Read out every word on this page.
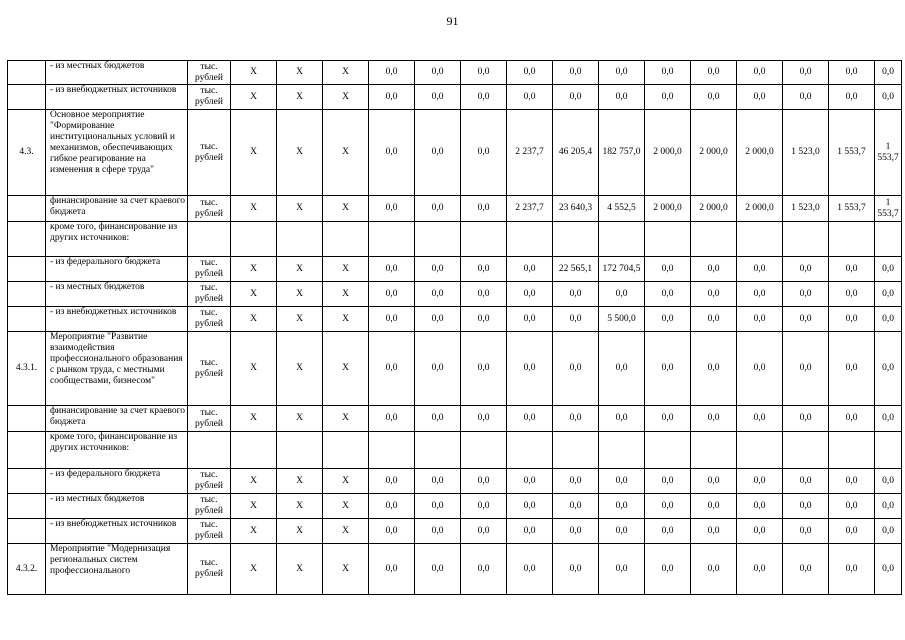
91
	- из местных бюджетов	тыс. рублей	X	X	X	0,0	0,0	0,0	0,0	0,0	0,0	0,0	0,0	0,0	0,0	0,0	0,0
	- из внебюджетных источников	тыс. рублей	X	X	X	0,0	0,0	0,0	0,0	0,0	0,0	0,0	0,0	0,0	0,0	0,0	0,0
4.3.	Основное мероприятие "Формирование институциональных условий и механизмов, обеспечивающих гибкое реагирование на изменения в сфере труда"	тыс. рублей	X	X	X	0,0	0,0	0,0	2 237,7	46 205,4	182 757,0	2 000,0	2 000,0	2 000,0	1 523,0	1 553,7	1 553,7
	финансирование за счет краевого бюджета	тыс. рублей	X	X	X	0,0	0,0	0,0	2 237,7	23 640,3	4 552,5	2 000,0	2 000,0	2 000,0	1 523,0	1 553,7	1 553,7
	кроме того, финансирование из других источников:																
	- из федерального бюджета	тыс. рублей	X	X	X	0,0	0,0	0,0	0,0	22 565,1	172 704,5	0,0	0,0	0,0	0,0	0,0	0,0
	- из местных бюджетов	тыс. рублей	X	X	X	0,0	0,0	0,0	0,0	0,0	0,0	0,0	0,0	0,0	0,0	0,0	0,0
	- из внебюджетных источников	тыс. рублей	X	X	X	0,0	0,0	0,0	0,0	0,0	5 500,0	0,0	0,0	0,0	0,0	0,0	0,0
4.3.1.	Мероприятие "Развитие взаимодействия профессионального образования с рынком труда, с местными сообществами, бизнесом"	тыс. рублей	X	X	X	0,0	0,0	0,0	0,0	0,0	0,0	0,0	0,0	0,0	0,0	0,0	0,0
	финансирование за счет краевого бюджета	тыс. рублей	X	X	X	0,0	0,0	0,0	0,0	0,0	0,0	0,0	0,0	0,0	0,0	0,0	0,0
	кроме того, финансирование из других источников:																
	- из федерального бюджета	тыс. рублей	X	X	X	0,0	0,0	0,0	0,0	0,0	0,0	0,0	0,0	0,0	0,0	0,0	0,0
	- из местных бюджетов	тыс. рублей	X	X	X	0,0	0,0	0,0	0,0	0,0	0,0	0,0	0,0	0,0	0,0	0,0	0,0
	- из внебюджетных источников	тыс. рублей	X	X	X	0,0	0,0	0,0	0,0	0,0	0,0	0,0	0,0	0,0	0,0	0,0	0,0
4.3.2.	Мероприятие "Модернизация региональных систем профессионального	тыс. рублей	X	X	X	0,0	0,0	0,0	0,0	0,0	0,0	0,0	0,0	0,0	0,0	0,0	0,0
